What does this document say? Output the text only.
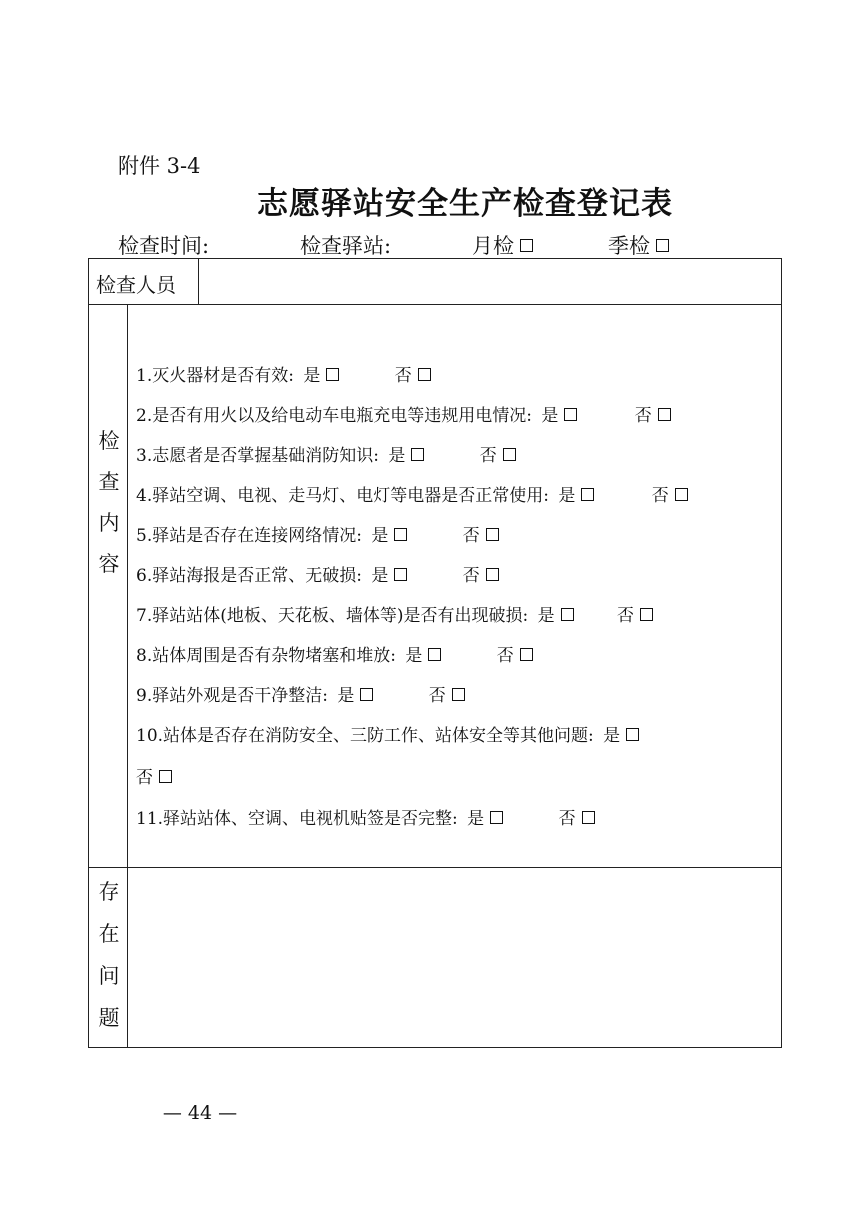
附件 3-4
志愿驿站安全生产检查登记表
检查时间:	检查驿站:	月检	季检
检查人员
检
查
内
容
1.灭火器材是否有效: 是	否
2.是否有用火以及给电动车电瓶充电等违规用电情况: 是	否
3.志愿者是否掌握基础消防知识: 是	否
4.驿站空调、电视、走马灯、电灯等电器是否正常使用: 是	否
5.驿站是否存在连接网络情况: 是	否
6.驿站海报是否正常、无破损: 是	否
7.驿站站体(地板、天花板、墙体等)是否有出现破损: 是	否
8.站体周围是否有杂物堵塞和堆放: 是	否
9.驿站外观是否干净整洁: 是	否
10.站体是否存在消防安全、三防工作、站体安全等其他问题: 是
否
11.驿站站体、空调、电视机贴签是否完整: 是	否
存
在
问
题
— 44 —
